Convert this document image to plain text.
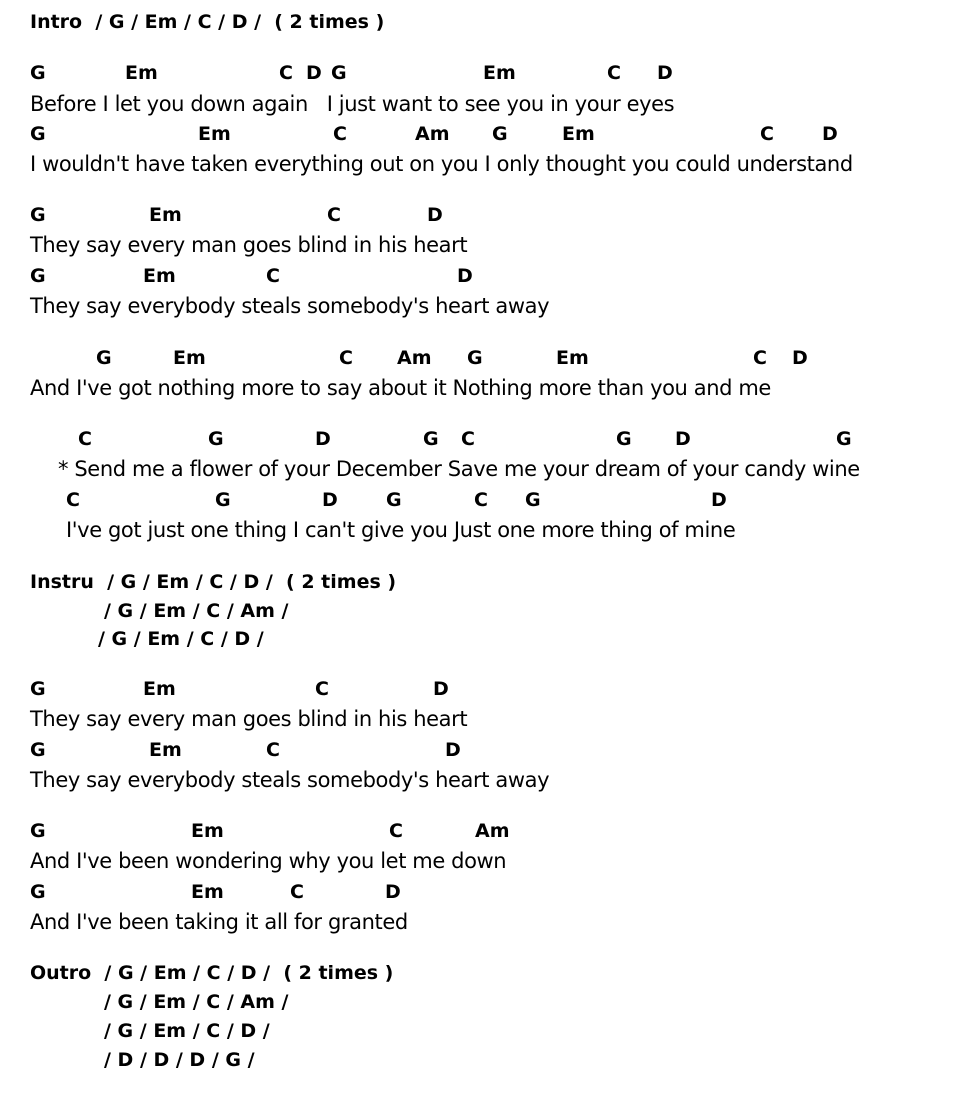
Intro  / G / Em / C / D /  ( 2 times )
G	Em	C D G	Em	C D
Before I let you down again   I just want to see you in your eyes
G	Em	C	Am G	Em	C	D
I wouldn't have taken everything out on you I only thought you could understand
G	Em	C	D
They say every man goes blind in his heart
G	Em	C	D
They say everybody steals somebody's heart away
G	Em	C Am G	Em	C D
And I've got nothing more to say about it Nothing more than you and me
C	G	D	G C	G D	G
* Send me a flower of your December Save me your dream of your candy wine
C	G	D	G	C G	D
I've got just one thing I can't give you Just one more thing of mine
Instru  / G / Em / C / D /  ( 2 times )
/ G / Em / C / Am /
/ G / Em / C / D /
G	Em	C	D
They say every man goes blind in his heart
G	Em	C	D
They say everybody steals somebody's heart away
G	Em	C	Am
And I've been wondering why you let me down
G	Em	C	D
And I've been taking it all for granted
Outro  / G / Em / C / D /  ( 2 times )
/ G / Em / C / Am /
/ G / Em / C / D /
/ D / D / D / G /
